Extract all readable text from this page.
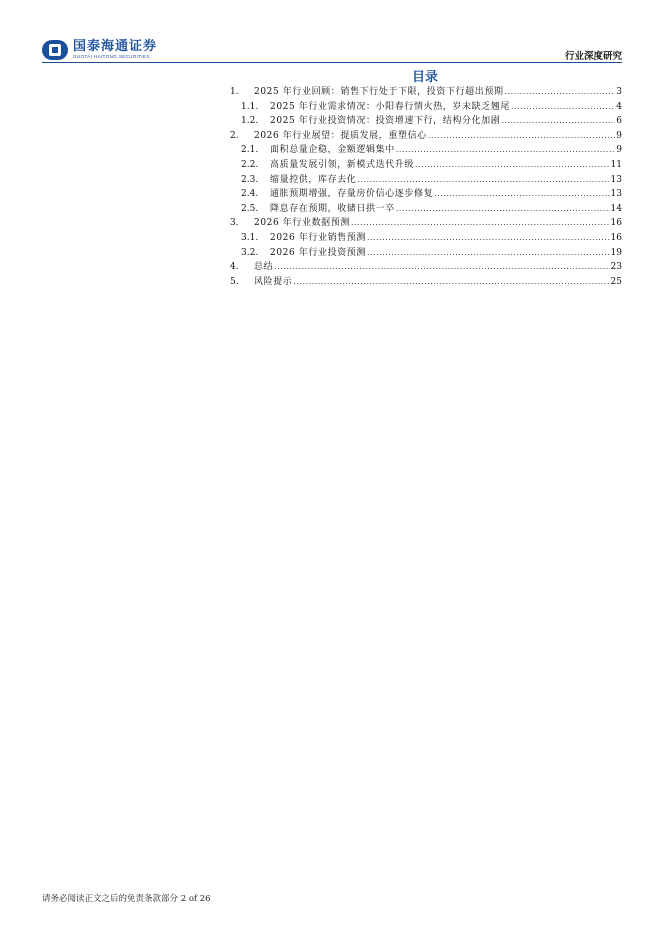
国泰海通证券
GUOTAI HAITONG SECURITIES	行业深度研究
目录
1.	2025 年行业回顾：销售下行处于下限，投资下行超出预期 .....	3
1.1.	2025 年行业需求情况：小阳春行情火热，岁末缺乏翘尾 .....	4
1.2.	2025 年行业投资情况：投资增速下行，结构分化加剧 .....	6
2.	2026 年行业展望：提质发展，重塑信心 .....	9
2.1.	面积总量企稳，金额逻辑集中 .....	9
2.2.	高质量发展引领，新模式迭代升级 .....	11
2.3.	缩量控供，库存去化 .....	13
2.4.	通胀预期增强，存量房价信心逐步修复 .....	13
2.5.	降息存在预期，收储日拱一卒 .....	14
3.	2026 年行业数据预测 .....	16
3.1.	2026 年行业销售预测 .....	16
3.2.	2026 年行业投资预测 .....	19
4.	总结 .....	23
5.	风险提示 .....	25
请务必阅读正文之后的免责条款部分 2 of 26
